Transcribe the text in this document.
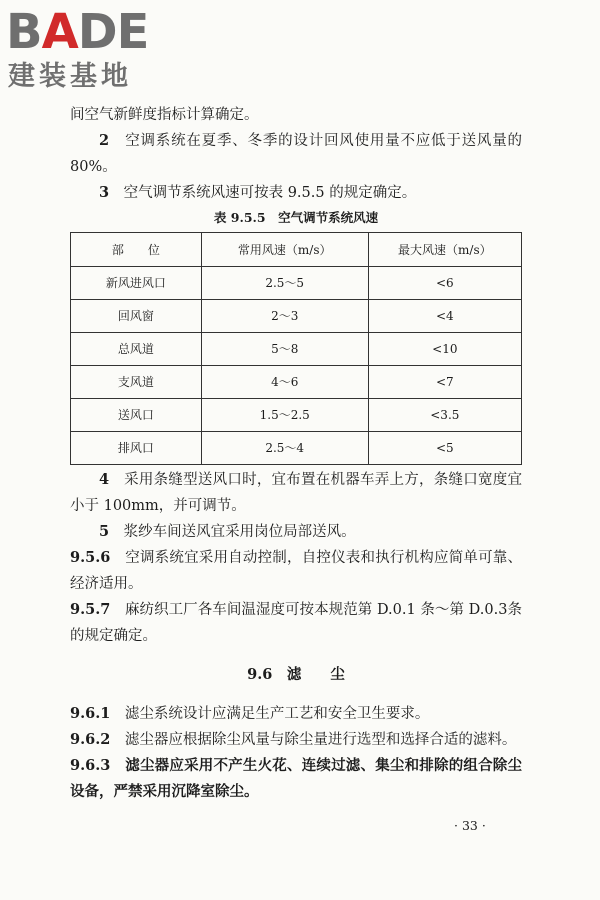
BADE
建装基地

间空气新鲜度指标计算确定。

2　 空调系统在夏季、冬季的设计回风使用量不应低于送风量的 80%。

3　 空气调节系统风速可按表 9.5.5 的规定确定。

表 9.5.5　空气调节系统风速
部　　位	常用风速（m/s）	最大风速（m/s）
新风进风口	2.5～5	<6
回风窗	2～3	<4
总风道	5～8	<10
支风道	4～6	<7
送风口	1.5～2.5	<3.5
排风口	2.5～4	<5

4　 采用条缝型送风口时，宜布置在机器车弄上方，条缝口宽度宜小于 100mm，并可调节。

5　 浆纱车间送风宜采用岗位局部送风。

9.5.6　 空调系统宜采用自动控制，自控仪表和执行机构应简单可靠、经济适用。

9.5.7　 麻纺织工厂各车间温湿度可按本规范第 D.0.1 条～第 D.0.3条的规定确定。

9.6　滤　　尘

9.6.1　 滤尘系统设计应满足生产工艺和安全卫生要求。

9.6.2　 滤尘器应根据除尘风量与除尘量进行选型和选择合适的滤料。

9.6.3　 滤尘器应采用不产生火花、连续过滤、集尘和排除的组合除尘设备，严禁采用沉降室除尘。

· 33 ·
